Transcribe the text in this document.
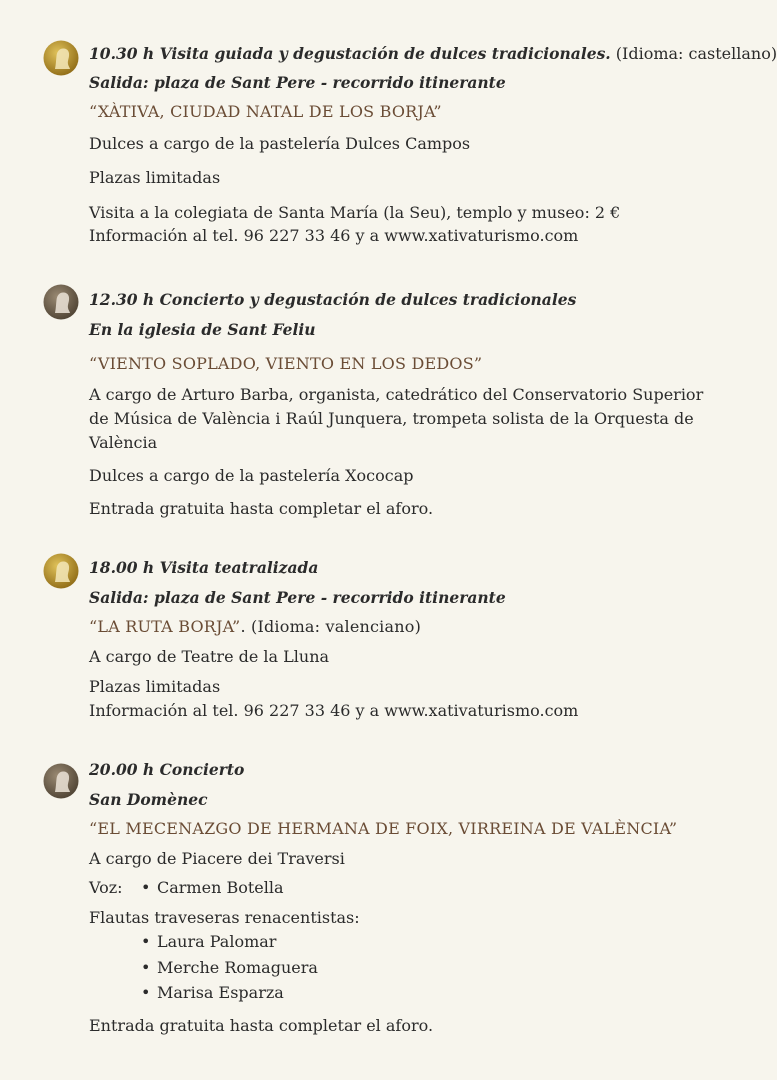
10.30 h Visita guiada y degustación de dulces tradicionales. (Idioma: castellano)
Salida: plaza de Sant Pere - recorrido itinerante
“XÀTIVA, CIUDAD NATAL DE LOS BORJA”
Dulces a cargo de la pastelería Dulces Campos
Plazas limitadas
Visita a la colegiata de Santa María (la Seu), templo y museo: 2 €
Información al tel. 96 227 33 46 y a www.xativaturismo.com
12.30 h Concierto y degustación de dulces tradicionales
En la iglesia de Sant Feliu
“VIENTO SOPLADO, VIENTO EN LOS DEDOS”
A cargo de Arturo Barba, organista, catedrático del Conservatorio Superior
de Música de València i Raúl Junquera, trompeta solista de la Orquesta de
València
Dulces a cargo de la pastelería Xococap
Entrada gratuita hasta completar el aforo.
18.00 h Visita teatralizada
Salida: plaza de Sant Pere - recorrido itinerante
“LA RUTA BORJA”. (Idioma: valenciano)
A cargo de Teatre de la Lluna
Plazas limitadas
Información al tel. 96 227 33 46 y a www.xativaturismo.com
20.00 h Concierto
San Domènec
“EL MECENAZGO DE HERMANA DE FOIX, VIRREINA DE VALÈNCIA”
A cargo de Piacere dei Traversi
Voz: • Carmen Botella
Flautas traveseras renacentistas:
• Laura Palomar
• Merche Romaguera
• Marisa Esparza
Entrada gratuita hasta completar el aforo.
